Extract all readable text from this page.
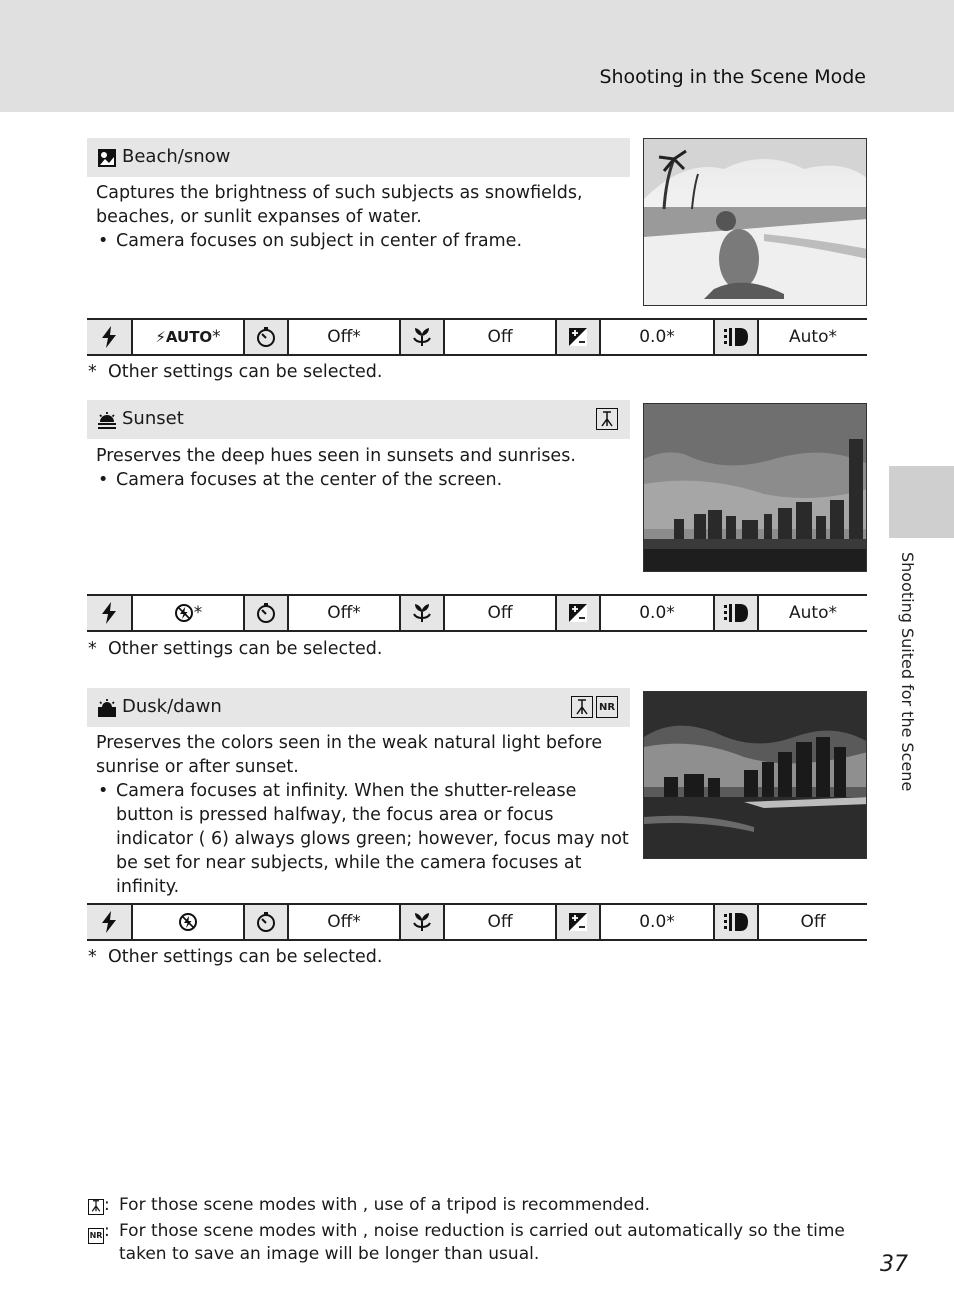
Shooting in the Scene Mode
Shooting Suited for the Scene
Beach/snow

Captures the brightness of such subjects as snowfields, beaches, or sunlit expanses of water.

• Camera focuses on subject in center of frame.

⚡AUTO *	Off*	Off	0.0*	Auto*
* Other settings can be selected.
Sunset

Preserves the deep hues seen in sunsets and sunrises.

• Camera focuses at the center of the screen.

*	Off*	Off	0.0*	Auto*
* Other settings can be selected.
Dusk/dawn	NR

Preserves the colors seen in the weak natural light before sunrise or after sunset.

• Camera focuses at infinity. When the shutter-release button is pressed halfway, the focus area or focus indicator ( 6) always glows green; however, focus may not be set for near subjects, while the camera focuses at infinity.

Off*	Off	0.0*	Off
* Other settings can be selected.
: For those scene modes with , use of a tripod is recommended.
NR: For those scene modes with , noise reduction is carried out automatically so the time taken to save an image will be longer than usual.	37
